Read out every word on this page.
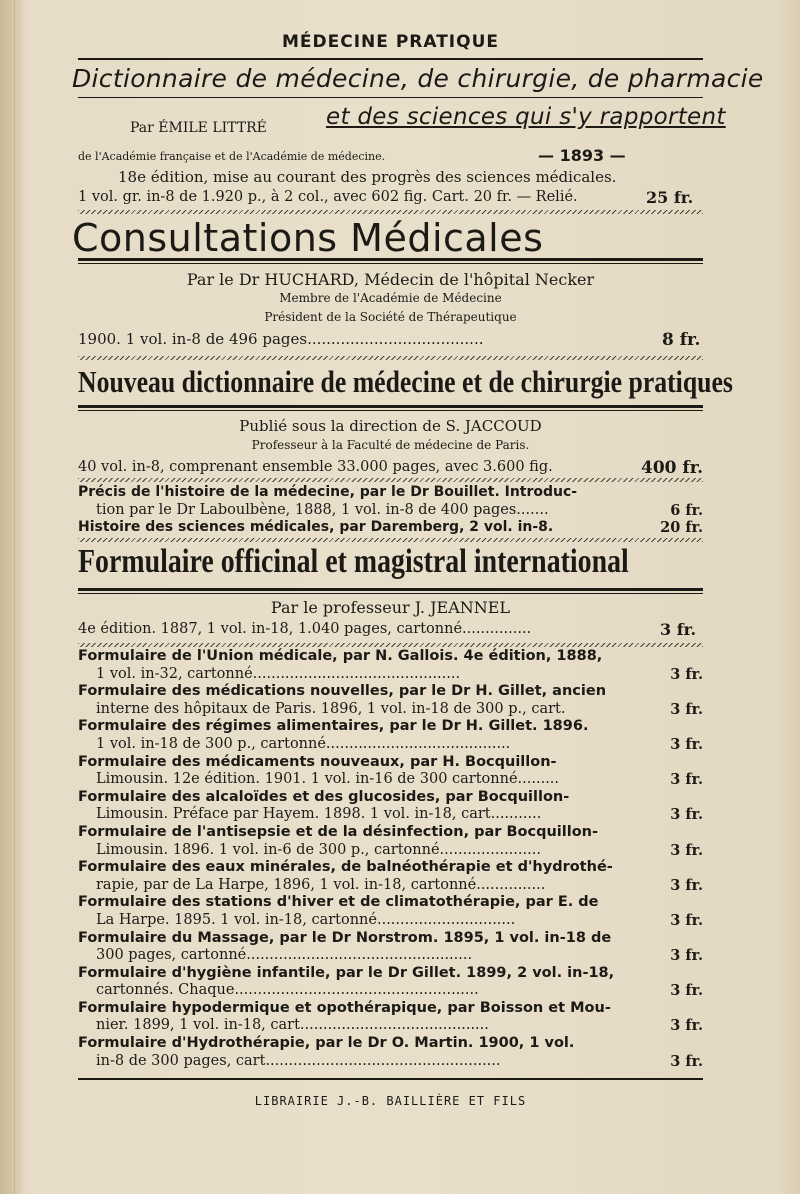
MÉDECINE PRATIQUE
Dictionnaire de médecine, de chirurgie, de pharmacie
Par ÉMILE LITTRÉ	et des sciences qui s'y rapportent
de l'Académie française et de l'Académie de médecine.	— 1893 —
18e édition, mise au courant des progrès des sciences médicales.
1 vol. gr. in-8 de 1.920 p., à 2 col., avec 602 fig. Cart. 20 fr. — Relié.	25 fr.
Consultations Médicales
Par le Dr HUCHARD, Médecin de l'hôpital Necker
Membre de l'Académie de Médecine
Président de la Société de Thérapeutique
1900. 1 vol. in-8 de 496 pages.....................................	8 fr.
Nouveau dictionnaire de médecine et de chirurgie pratiques
Publié sous la direction de S. JACCOUD
Professeur à la Faculté de médecine de Paris.
40 vol. in-8, comprenant ensemble 33.000 pages, avec 3.600 fig.	400 fr.
Précis de l'histoire de la médecine, par le Dr Bouillet. Introduc-
tion par le Dr Laboulbène, 1888, 1 vol. in-8 de 400 pages.......	6 fr.
Histoire des sciences médicales, par Daremberg, 2 vol. in-8.	20 fr.
Formulaire officinal et magistral international
Par le professeur J. JEANNEL
4e édition. 1887, 1 vol. in-18, 1.040 pages, cartonné...............	3 fr.
Formulaire de l'Union médicale, par N. Gallois. 4e édition, 1888,
1 vol. in-32, cartonné.............................................	3 fr.
Formulaire des médications nouvelles, par le Dr H. Gillet, ancien
interne des hôpitaux de Paris. 1896, 1 vol. in-18 de 300 p., cart.	3 fr.
Formulaire des régimes alimentaires, par le Dr H. Gillet. 1896.
1 vol. in-18 de 300 p., cartonné........................................	3 fr.
Formulaire des médicaments nouveaux, par H. Bocquillon-
Limousin. 12e édition. 1901. 1 vol. in-16 de 300 cartonné.........	3 fr.
Formulaire des alcaloïdes et des glucosides, par Bocquillon-
Limousin. Préface par Hayem. 1898. 1 vol. in-18, cart...........	3 fr.
Formulaire de l'antisepsie et de la désinfection, par Bocquillon-
Limousin. 1896. 1 vol. in-6 de 300 p., cartonné......................	3 fr.
Formulaire des eaux minérales, de balnéothérapie et d'hydrothé-
rapie, par de La Harpe, 1896, 1 vol. in-18, cartonné...............	3 fr.
Formulaire des stations d'hiver et de climatothérapie, par E. de
La Harpe. 1895. 1 vol. in-18, cartonné..............................	3 fr.
Formulaire du Massage, par le Dr Norstrom. 1895, 1 vol. in-18 de
300 pages, cartonné.................................................	3 fr.
Formulaire d'hygiène infantile, par le Dr Gillet. 1899, 2 vol. in-18,
cartonnés. Chaque.....................................................	3 fr.
Formulaire hypodermique et opothérapique, par Boisson et Mou-
nier. 1899, 1 vol. in-18, cart.........................................	3 fr.
Formulaire d'Hydrothérapie, par le Dr O. Martin. 1900, 1 vol.
in-8 de 300 pages, cart...................................................	3 fr.
LIBRAIRIE J.-B. BAILLIÈRE ET FILS
